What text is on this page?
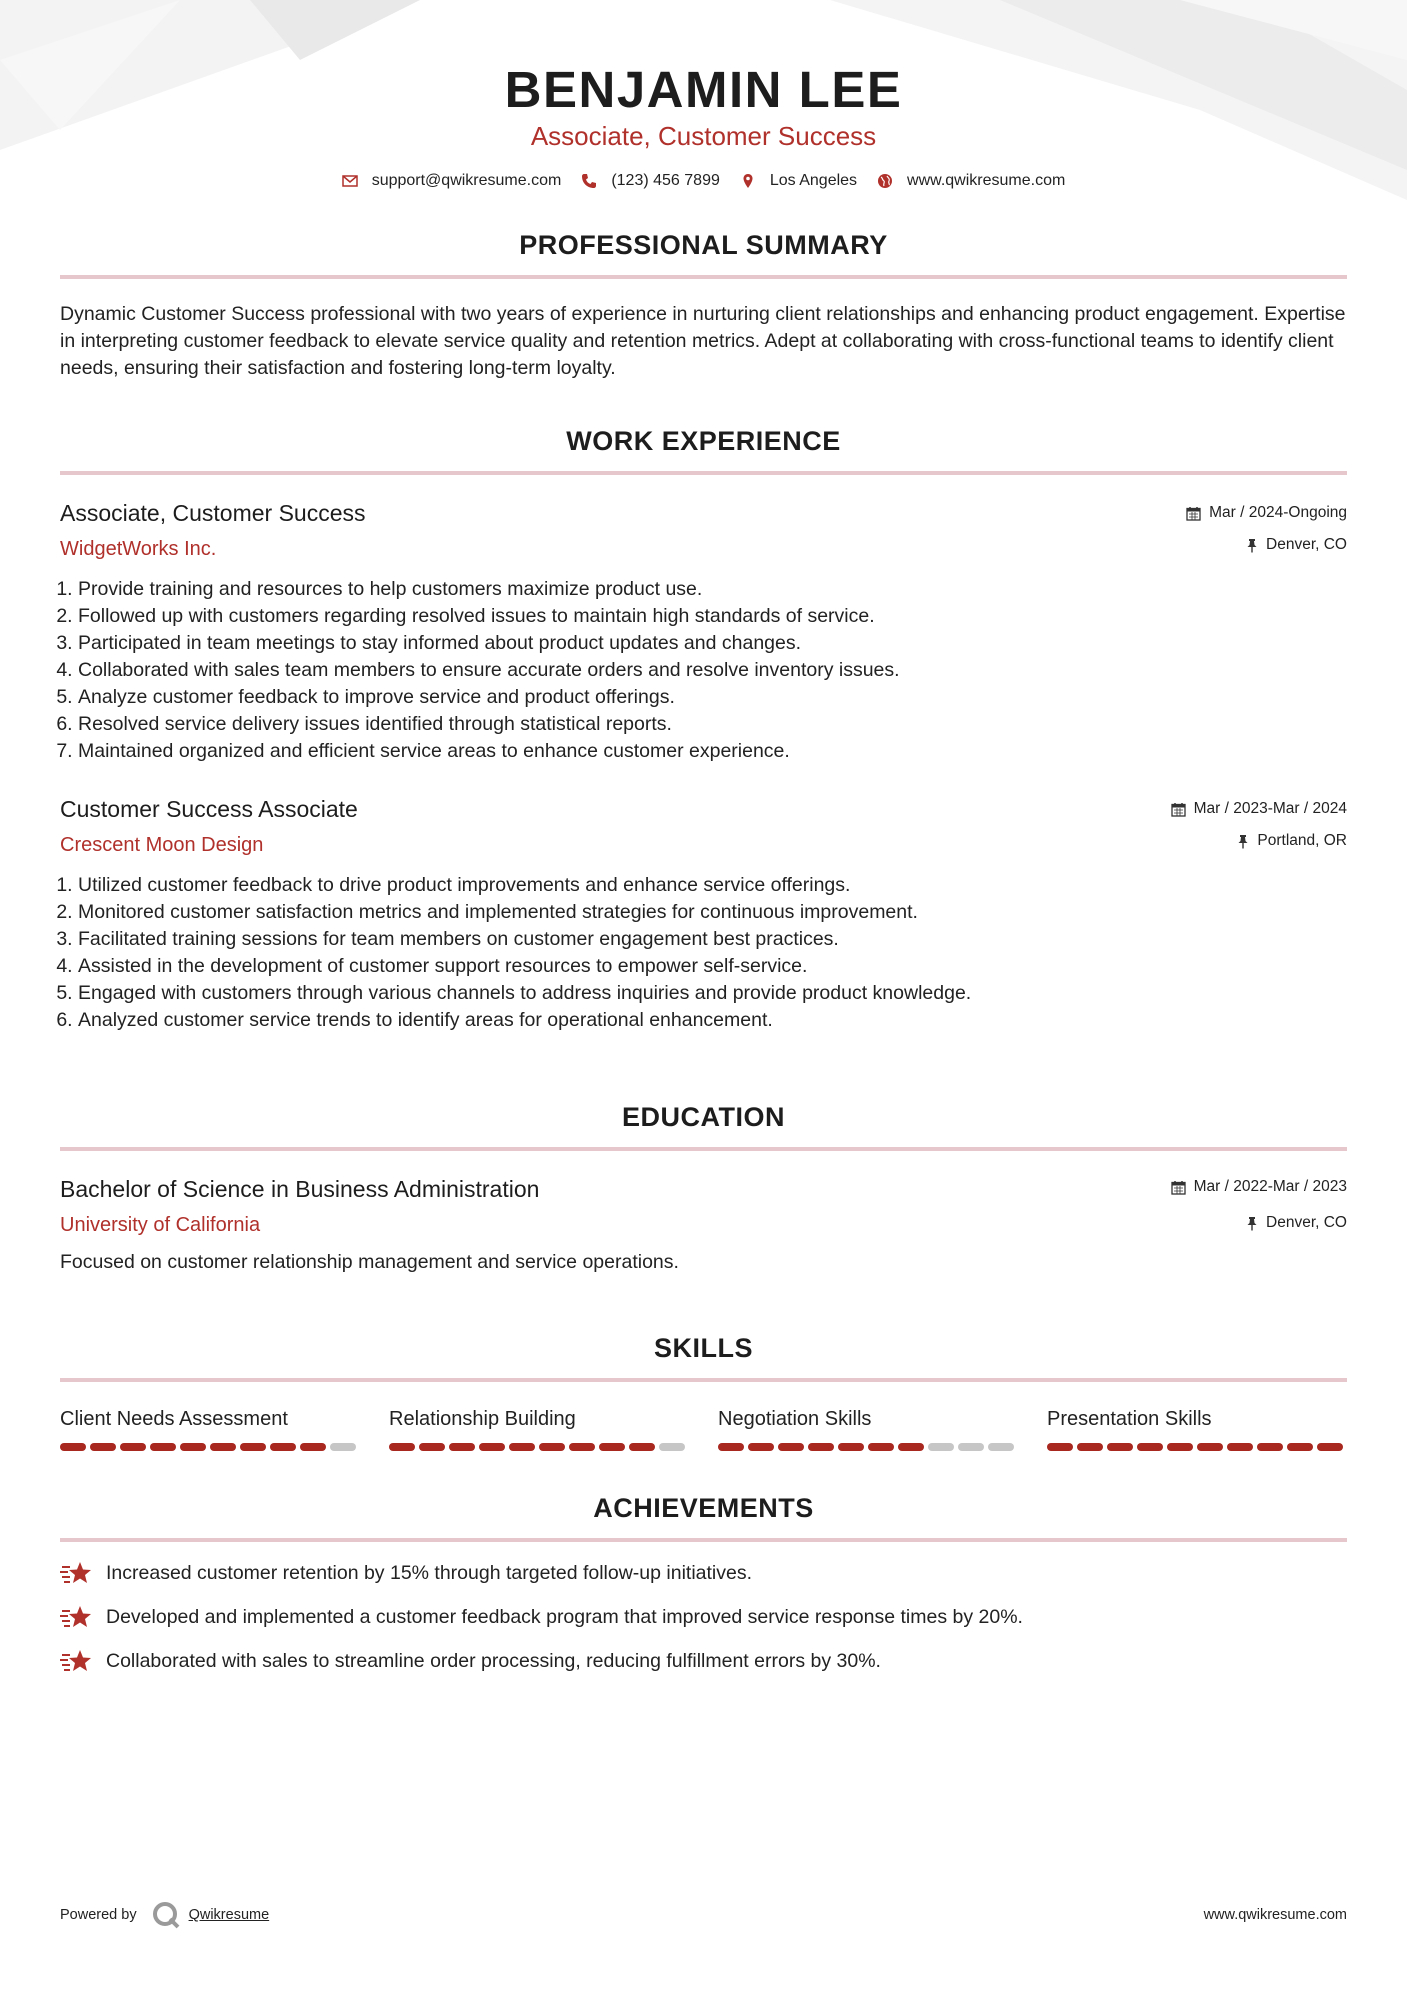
BENJAMIN LEE
Associate, Customer Success
support@qwikresume.com	(123) 456 7899	Los Angeles	www.qwikresume.com
PROFESSIONAL SUMMARY
Dynamic Customer Success professional with two years of experience in nurturing client relationships and enhancing product engagement. Expertise in interpreting customer feedback to elevate service quality and retention metrics. Adept at collaborating with cross-functional teams to identify client needs, ensuring their satisfaction and fostering long-term loyalty.
WORK EXPERIENCE
Associate, Customer Success
WidgetWorks Inc.
Mar / 2024-Ongoing
Denver, CO
1. Provide training and resources to help customers maximize product use.
2. Followed up with customers regarding resolved issues to maintain high standards of service.
3. Participated in team meetings to stay informed about product updates and changes.
4. Collaborated with sales team members to ensure accurate orders and resolve inventory issues.
5. Analyze customer feedback to improve service and product offerings.
6. Resolved service delivery issues identified through statistical reports.
7. Maintained organized and efficient service areas to enhance customer experience.
Customer Success Associate
Crescent Moon Design
Mar / 2023-Mar / 2024
Portland, OR
1. Utilized customer feedback to drive product improvements and enhance service offerings.
2. Monitored customer satisfaction metrics and implemented strategies for continuous improvement.
3. Facilitated training sessions for team members on customer engagement best practices.
4. Assisted in the development of customer support resources to empower self-service.
5. Engaged with customers through various channels to address inquiries and provide product knowledge.
6. Analyzed customer service trends to identify areas for operational enhancement.
EDUCATION
Bachelor of Science in Business Administration
University of California
Mar / 2022-Mar / 2023
Denver, CO
Focused on customer relationship management and service operations.
SKILLS
Client Needs Assessment	Relationship Building	Negotiation Skills	Presentation Skills
ACHIEVEMENTS
Increased customer retention by 15% through targeted follow-up initiatives.
Developed and implemented a customer feedback program that improved service response times by 20%.
Collaborated with sales to streamline order processing, reducing fulfillment errors by 30%.
Powered by	Qwikresume	www.qwikresume.com
